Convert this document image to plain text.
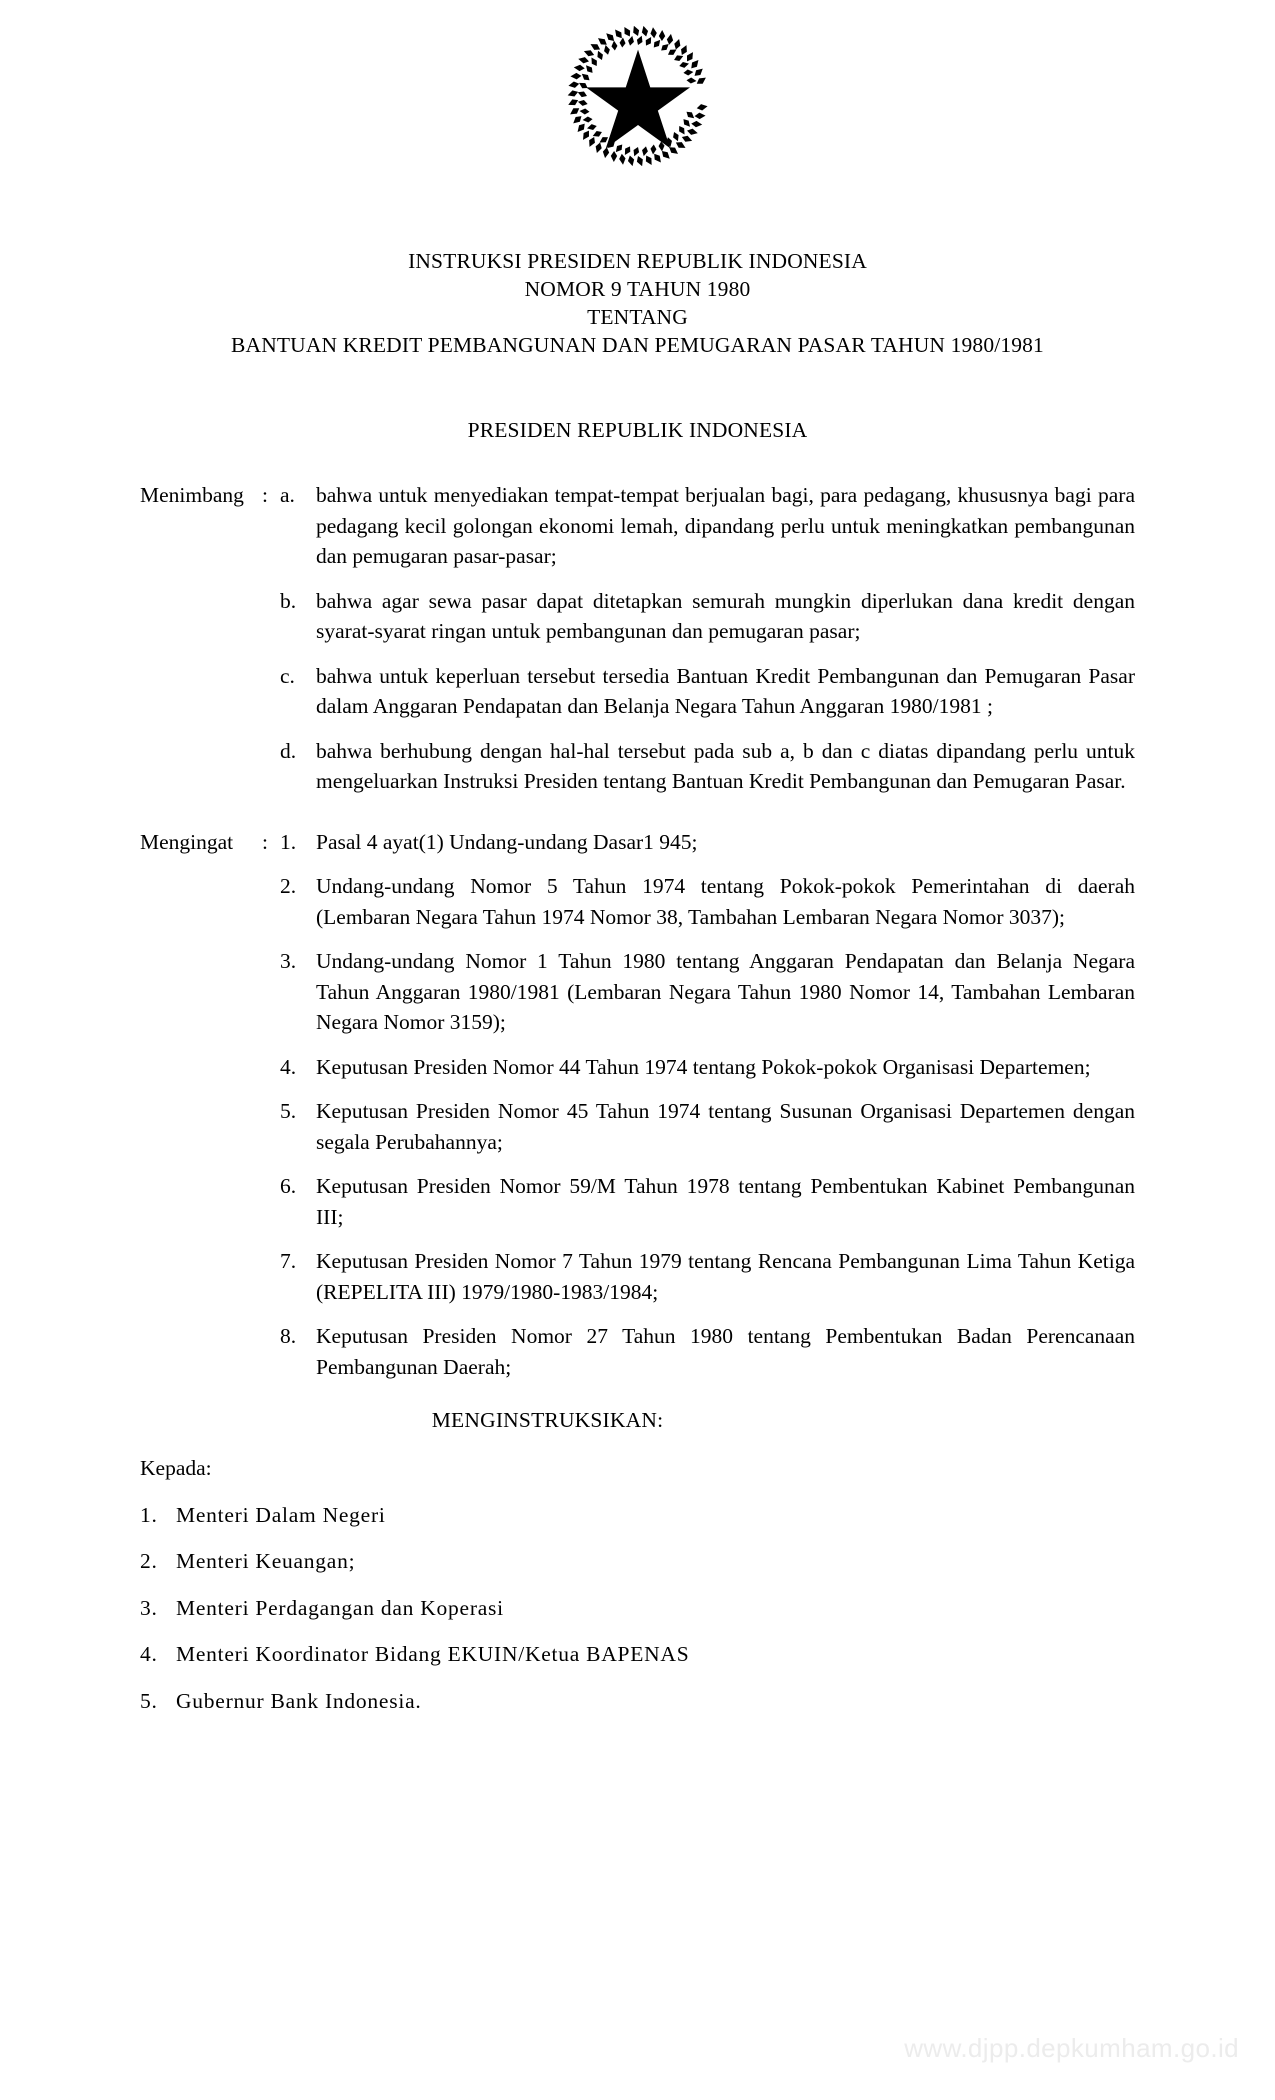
INSTRUKSI PRESIDEN REPUBLIK INDONESIA
NOMOR 9 TAHUN 1980
TENTANG
BANTUAN KREDIT PEMBANGUNAN DAN PEMUGARAN PASAR TAHUN 1980/1981
PRESIDEN REPUBLIK INDONESIA
Menimbang : a. bahwa untuk menyediakan tempat-tempat berjualan bagi, para pedagang, khususnya bagi para pedagang kecil golongan ekonomi lemah, dipandang perlu untuk meningkatkan pembangunan dan pemugaran pasar-pasar;
b. bahwa agar sewa pasar dapat ditetapkan semurah mungkin diperlukan dana kredit dengan syarat-syarat ringan untuk pembangunan dan pemugaran pasar;
c. bahwa untuk keperluan tersebut tersedia Bantuan Kredit Pembangunan dan Pemugaran Pasar dalam Anggaran Pendapatan dan Belanja Negara Tahun Anggaran 1980/1981 ;
d. bahwa berhubung dengan hal-hal tersebut pada sub a, b dan c diatas dipandang perlu untuk mengeluarkan Instruksi Presiden tentang Bantuan Kredit Pembangunan dan Pemugaran Pasar.
Mengingat	: 1. Pasal 4 ayat(1) Undang-undang Dasar1 945;
2. Undang-undang Nomor 5 Tahun 1974 tentang Pokok-pokok Pemerintahan di daerah (Lembaran Negara Tahun 1974 Nomor 38, Tambahan Lembaran Negara Nomor 3037);
3. Undang-undang Nomor 1 Tahun 1980 tentang Anggaran Pendapatan dan Belanja Negara Tahun Anggaran 1980/1981 (Lembaran Negara Tahun 1980 Nomor 14, Tambahan Lembaran Negara Nomor 3159);
4. Keputusan Presiden Nomor 44 Tahun 1974 tentang Pokok-pokok Organisasi Departemen;
5. Keputusan Presiden Nomor 45 Tahun 1974 tentang Susunan Organisasi Departemen dengan segala Perubahannya;
6. Keputusan Presiden Nomor 59/M Tahun 1978 tentang Pembentukan Kabinet Pembangunan III;
7. Keputusan Presiden Nomor 7 Tahun 1979 tentang Rencana Pembangunan Lima Tahun Ketiga (REPELITA III) 1979/1980-1983/1984;
8. Keputusan Presiden Nomor 27 Tahun 1980 tentang Pembentukan Badan Perencanaan Pembangunan Daerah;
MENGINSTRUKSIKAN:
Kepada:
1. Menteri Dalam Negeri
2. Menteri Keuangan;
3. Menteri Perdagangan dan Koperasi
4. Menteri Koordinator Bidang EKUIN/Ketua BAPENAS
5. Gubernur Bank Indonesia.
www.djpp.depkumham.go.id
